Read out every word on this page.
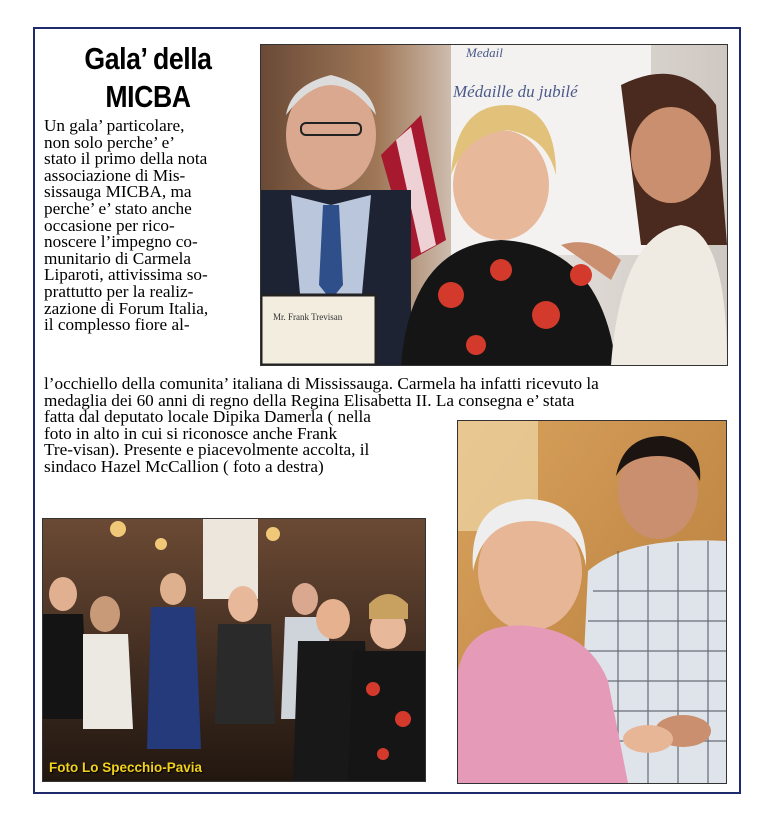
Gala’ della
MICBA

Un gala’ particolare,

non solo perche’ e’

stato il primo della nota

associazione di Mis-

sissauga MICBA, ma

perche’ e’ stato anche

occasione per rico-

noscere l’impegno co-

munitario di Carmela

Liparoti, attivissima so-

prattutto per la realiz-

zazione di Forum Italia,

il complesso fiore al-

l’occhiello della comunita’ italiana di Mississauga. Carmela ha infatti ricevuto la
medaglia dei 60 anni di regno della Regina Elisabetta II. La consegna e’ stata
fatta dal deputato locale Dipika Damerla ( nella
foto in alto in cui si riconosce anche Frank
Tre-visan). Presente e piacevolmente accolta, il
sindaco Hazel McCallion ( foto a destra)
Medail
Médaille du jubilé
Mr. Frank Trevisan
Foto Lo Specchio-Pavia
